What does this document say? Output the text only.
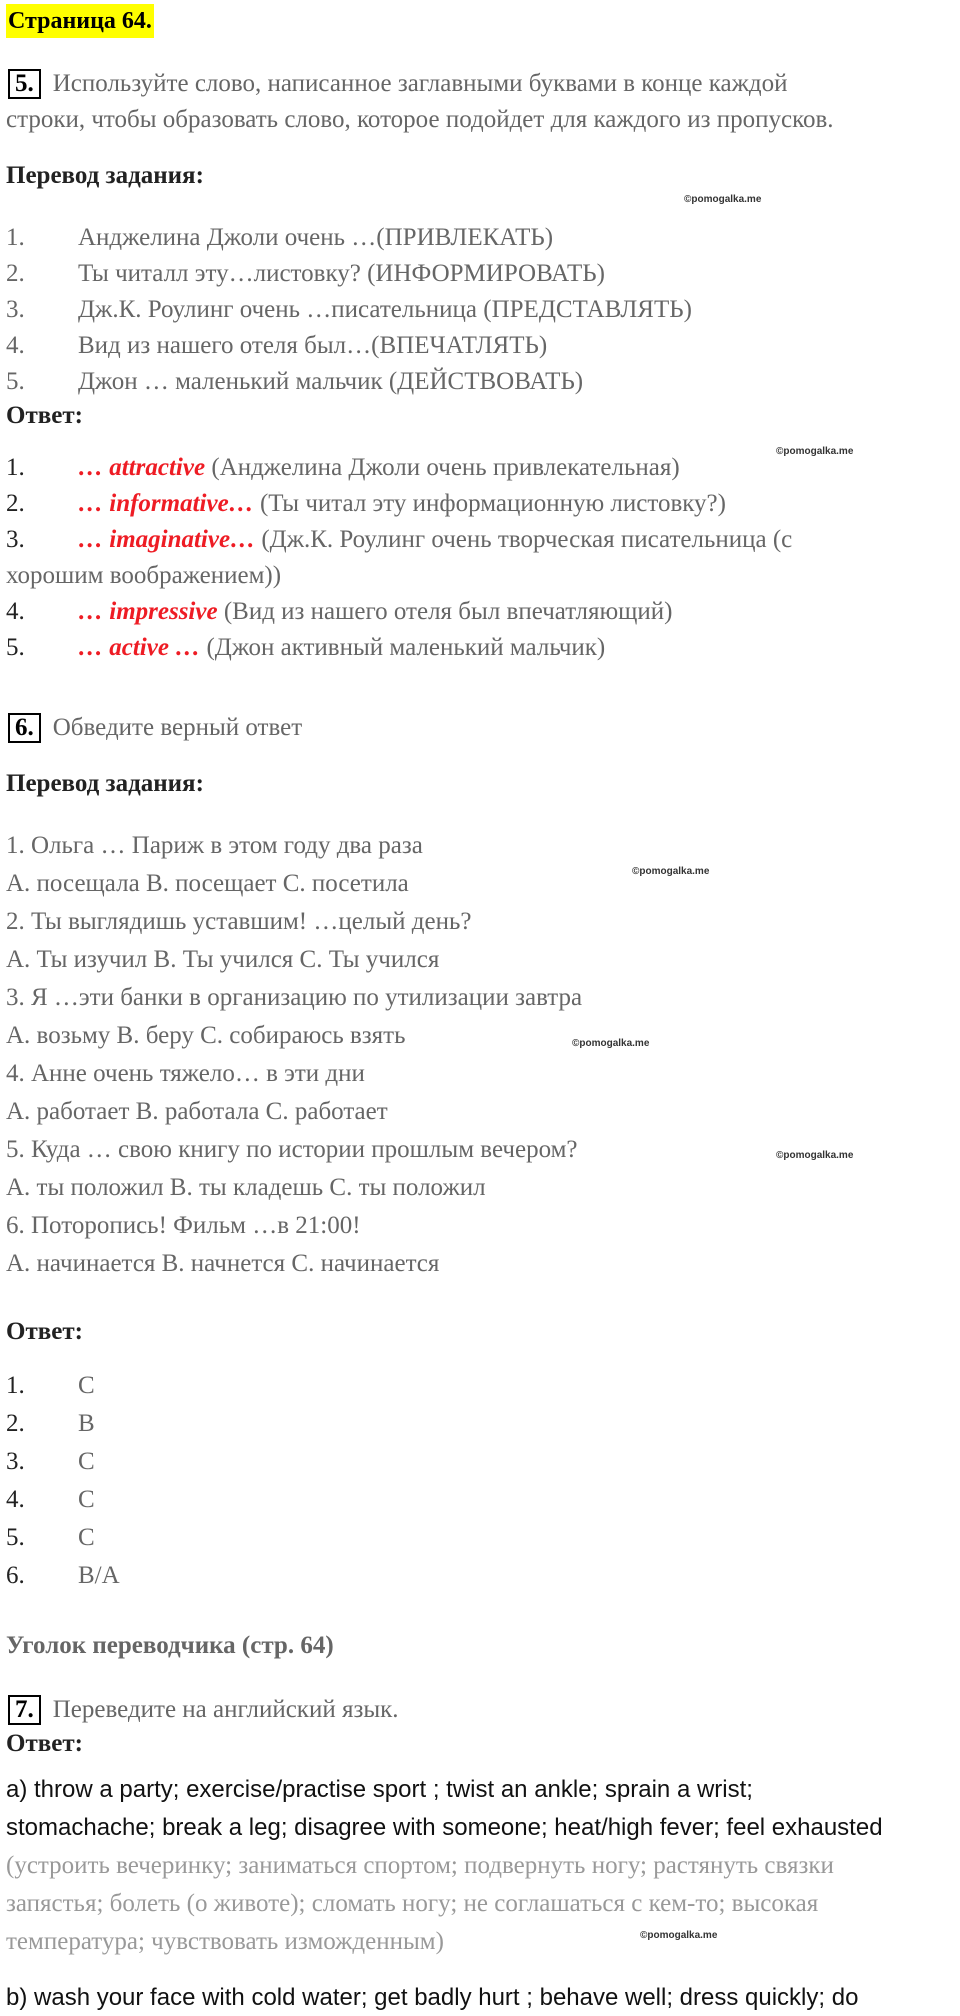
Страница 64.
5. Используйте слово, написанное заглавными буквами в конце каждой
строки, чтобы образовать слово, которое подойдет для каждого из пропусков.
Перевод задания:
©pomogalka.me
1. Анджелина Джоли очень …(ПРИВЛЕКАТЬ)
2. Ты читалл эту…листовку? (ИНФОРМИРОВАТЬ)
3. Дж.К. Роулинг очень …писательница (ПРЕДСТАВЛЯТЬ)
4. Вид из нашего отеля был…(ВПЕЧАТЛЯТЬ)
5. Джон … маленький мальчик (ДЕЙСТВОВАТЬ)
Ответ:
©pomogalka.me
1. … attractive (Анджелина Джоли очень привлекательная)
2. … informative… (Ты читал эту информационную листовку?)
3. … imaginative… (Дж.К. Роулинг очень творческая писательница (с
хорошим воображением))
4. … impressive (Вид из нашего отеля был впечатляющий)
5. … active … (Джон активный маленький мальчик)
6. Обведите верный ответ
Перевод задания:
1. Ольга … Париж в этом году два раза
A. посещала B. посещает C. посетила	©pomogalka.me
2. Ты выглядишь уставшим! …целый день?
A. Ты изучил B. Ты учился C. Ты учился
3. Я …эти банки в организацию по утилизации завтра
A. возьму B. беру C. собираюсь взять	©pomogalka.me
4. Анне очень тяжело… в эти дни
A. работает B. работала C. работает
5. Куда … свою книгу по истории прошлым вечером?	©pomogalka.me
A. ты положил B. ты кладешь C. ты положил
6. Поторопись! Фильм …в 21:00!
A. начинается B. начнется C. начинается
Ответ:
1. C
2. B
3. C
4. C
5. C
6. B/A
Уголок переводчика (стр. 64)
7. Переведите на английский язык.
Ответ:
a) throw a party; exercise/practise sport ; twist an ankle; sprain a wrist;
stomachache; break a leg; disagree with someone; heat/high fever; feel exhausted
(устроить вечеринку; заниматься спортом; подвернуть ногу; растянуть связки
запястья; болеть (о животе); сломать ногу; не соглашаться с кем-то; высокая
температура; чувствовать изможденным)	©pomogalka.me
b) wash your face with cold water; get badly hurt ; behave well; dress quickly; do
